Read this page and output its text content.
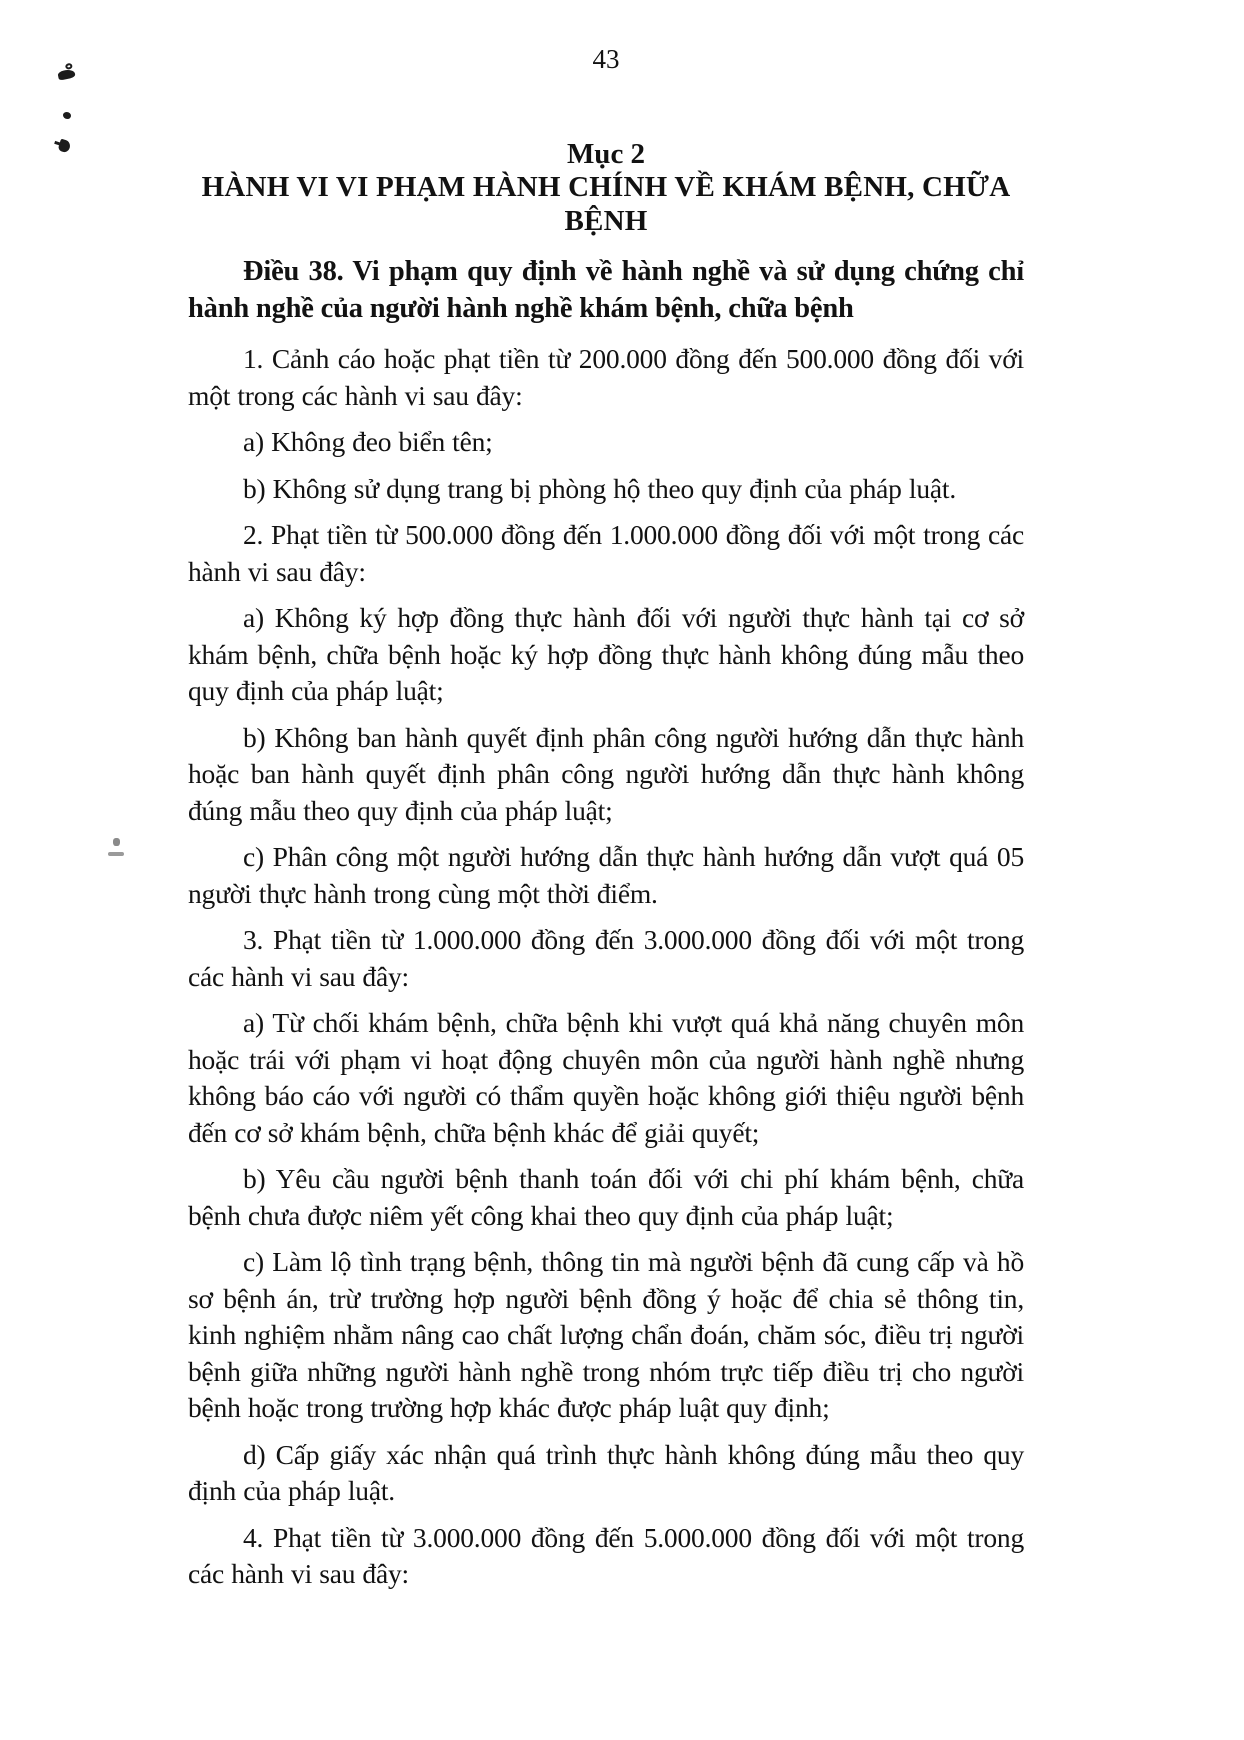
43
Mục 2
HÀNH VI VI PHẠM HÀNH CHÍNH VỀ KHÁM BỆNH, CHỮA BỆNH
Điều 38. Vi phạm quy định về hành nghề và sử dụng chứng chỉ hành nghề của người hành nghề khám bệnh, chữa bệnh

1. Cảnh cáo hoặc phạt tiền từ 200.000 đồng đến 500.000 đồng đối với một trong các hành vi sau đây:

a) Không đeo biển tên;

b) Không sử dụng trang bị phòng hộ theo quy định của pháp luật.

2. Phạt tiền từ 500.000 đồng đến 1.000.000 đồng đối với một trong các hành vi sau đây:

a) Không ký hợp đồng thực hành đối với người thực hành tại cơ sở khám bệnh, chữa bệnh hoặc ký hợp đồng thực hành không đúng mẫu theo quy định của pháp luật;

b) Không ban hành quyết định phân công người hướng dẫn thực hành hoặc ban hành quyết định phân công người hướng dẫn thực hành không đúng mẫu theo quy định của pháp luật;

c) Phân công một người hướng dẫn thực hành hướng dẫn vượt quá 05 người thực hành trong cùng một thời điểm.

3. Phạt tiền từ 1.000.000 đồng đến 3.000.000 đồng đối với một trong các hành vi sau đây:

a) Từ chối khám bệnh, chữa bệnh khi vượt quá khả năng chuyên môn hoặc trái với phạm vi hoạt động chuyên môn của người hành nghề nhưng không báo cáo với người có thẩm quyền hoặc không giới thiệu người bệnh đến cơ sở khám bệnh, chữa bệnh khác để giải quyết;

b) Yêu cầu người bệnh thanh toán đối với chi phí khám bệnh, chữa bệnh chưa được niêm yết công khai theo quy định của pháp luật;

c) Làm lộ tình trạng bệnh, thông tin mà người bệnh đã cung cấp và hồ sơ bệnh án, trừ trường hợp người bệnh đồng ý hoặc để chia sẻ thông tin, kinh nghiệm nhằm nâng cao chất lượng chẩn đoán, chăm sóc, điều trị người bệnh giữa những người hành nghề trong nhóm trực tiếp điều trị cho người bệnh hoặc trong trường hợp khác được pháp luật quy định;

d) Cấp giấy xác nhận quá trình thực hành không đúng mẫu theo quy định của pháp luật.

4. Phạt tiền từ 3.000.000 đồng đến 5.000.000 đồng đối với một trong các hành vi sau đây:
